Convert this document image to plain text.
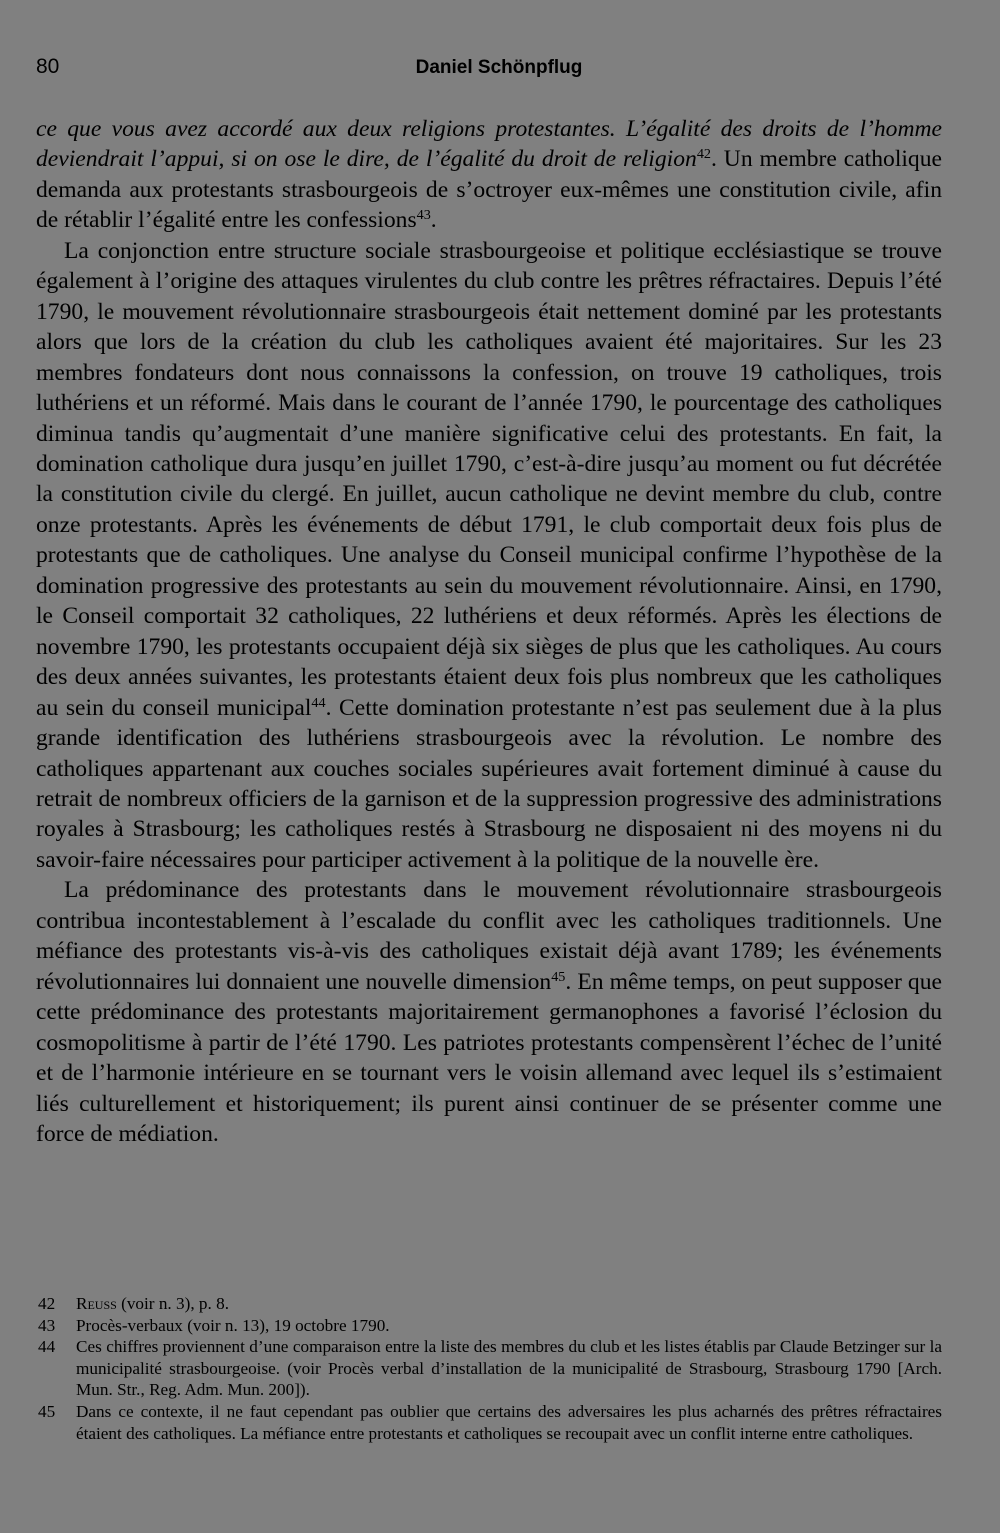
80	Daniel Schönpflug

ce que vous avez accordé aux deux religions protestantes. L’égalité des droits de l’homme deviendrait l’appui, si on ose le dire, de l’égalité du droit de religion$^{42}$. Un membre catholique demanda aux protestants strasbourgeois de s’octroyer eux-mêmes une constitution civile, afin de rétablir l’égalité entre les confessions$^{43}$.

La conjonction entre structure sociale strasbourgeoise et politique ecclésiastique se trouve également à l’origine des attaques virulentes du club contre les prêtres réfractaires. Depuis l’été 1790, le mouvement révolutionnaire strasbourgeois était nettement dominé par les protestants alors que lors de la création du club les catholiques avaient été majoritaires. Sur les 23 membres fondateurs dont nous connaissons la confession, on trouve 19 catholiques, trois luthériens et un réformé. Mais dans le courant de l’année 1790, le pourcentage des catholiques diminua tandis qu’augmentait d’une manière significative celui des protestants. En fait, la domination catholique dura jusqu’en juillet 1790, c’est-à-dire jusqu’au moment ou fut décrétée la constitution civile du clergé. En juillet, aucun catholique ne devint membre du club, contre onze protestants. Après les événements de début 1791, le club comportait deux fois plus de protestants que de catholiques. Une analyse du Conseil municipal confirme l’hypothèse de la domination progressive des protestants au sein du mouvement révolutionnaire. Ainsi, en 1790, le Conseil comportait 32 catholiques, 22 luthériens et deux réformés. Après les élections de novembre 1790, les protestants occupaient déjà six sièges de plus que les catholiques. Au cours des deux années suivantes, les protestants étaient deux fois plus nombreux que les catholiques au sein du conseil municipal$^{44}$. Cette domination protestante n’est pas seulement due à la plus grande identification des luthériens strasbourgeois avec la révolution. Le nombre des catholiques appartenant aux couches sociales supérieures avait fortement diminué à cause du retrait de nombreux officiers de la garnison et de la suppression progressive des administrations royales à Strasbourg; les catholiques restés à Strasbourg ne disposaient ni des moyens ni du savoir-faire nécessaires pour participer activement à la politique de la nouvelle ère.

La prédominance des protestants dans le mouvement révolutionnaire strasbourgeois contribua incontestablement à l’escalade du conflit avec les catholiques traditionnels. Une méfiance des protestants vis-à-vis des catholiques existait déjà avant 1789; les événements révolutionnaires lui donnaient une nouvelle dimension$^{45}$. En même temps, on peut supposer que cette prédominance des protestants majoritairement germanophones a favorisé l’éclosion du cosmopolitisme à partir de l’été 1790. Les patriotes protestants compensèrent l’échec de l’unité et de l’harmonie intérieure en se tournant vers le voisin allemand avec lequel ils s’estimaient liés culturellement et historiquement; ils purent ainsi continuer de se présenter comme une force de médiation.

42	Reuss (voir n. 3), p. 8.
43	Procès-verbaux (voir n. 13), 19 octobre 1790.
44	Ces chiffres proviennent d’une comparaison entre la liste des membres du club et les listes établis par Claude Betzinger sur la municipalité strasbourgeoise. (voir Procès verbal d’installation de la municipalité de Strasbourg, Strasbourg 1790 [Arch. Mun. Str., Reg. Adm. Mun. 200]).
45	Dans ce contexte, il ne faut cependant pas oublier que certains des adversaires les plus acharnés des prêtres réfractaires étaient des catholiques. La méfiance entre protestants et catholiques se recoupait avec un conflit interne entre catholiques.
